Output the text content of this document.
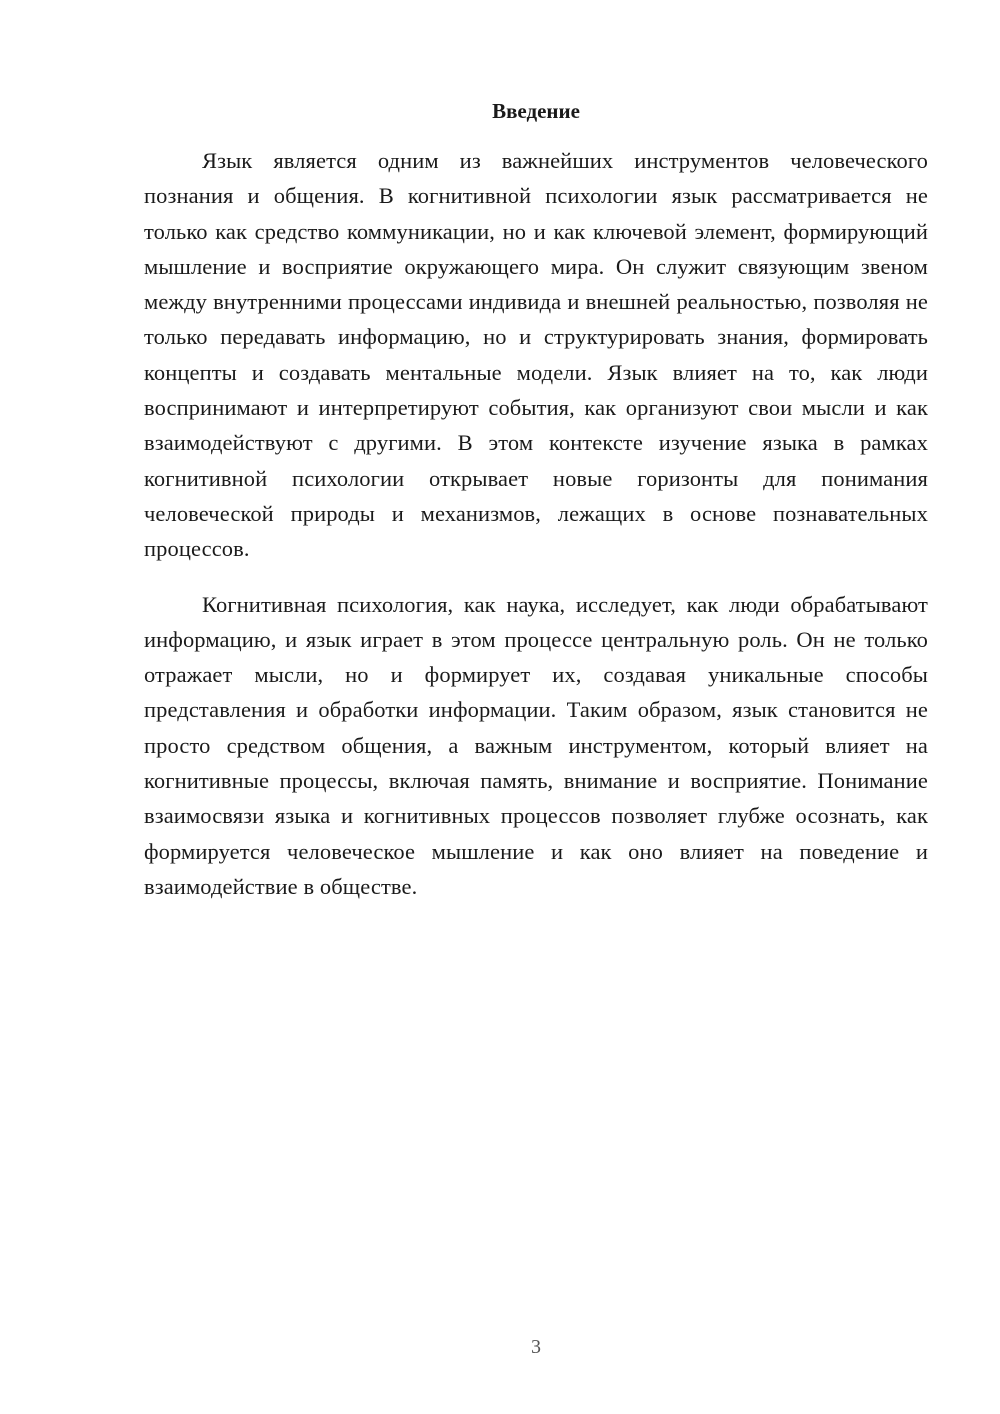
Введение

Язык является одним из важнейших инструментов человеческого познания и общения. В когнитивной психологии язык рассматривается не только как средство коммуникации, но и как ключевой элемент, формирующий мышление и восприятие окружающего мира. Он служит связующим звеном между внутренними процессами индивида и внешней реальностью, позволяя не только передавать информацию, но и структурировать знания, формировать концепты и создавать ментальные модели. Язык влияет на то, как люди воспринимают и интерпретируют события, как организуют свои мысли и как взаимодействуют с другими. В этом контексте изучение языка в рамках когнитивной психологии открывает новые горизонты для понимания человеческой природы и механизмов, лежащих в основе познавательных процессов.

Когнитивная психология, как наука, исследует, как люди обрабатывают информацию, и язык играет в этом процессе центральную роль. Он не только отражает мысли, но и формирует их, создавая уникальные способы представления и обработки информации. Таким образом, язык становится не просто средством общения, а важным инструментом, который влияет на когнитивные процессы, включая память, внимание и восприятие. Понимание взаимосвязи языка и когнитивных процессов позволяет глубже осознать, как формируется человеческое мышление и как оно влияет на поведение и взаимодействие в обществе.

3
